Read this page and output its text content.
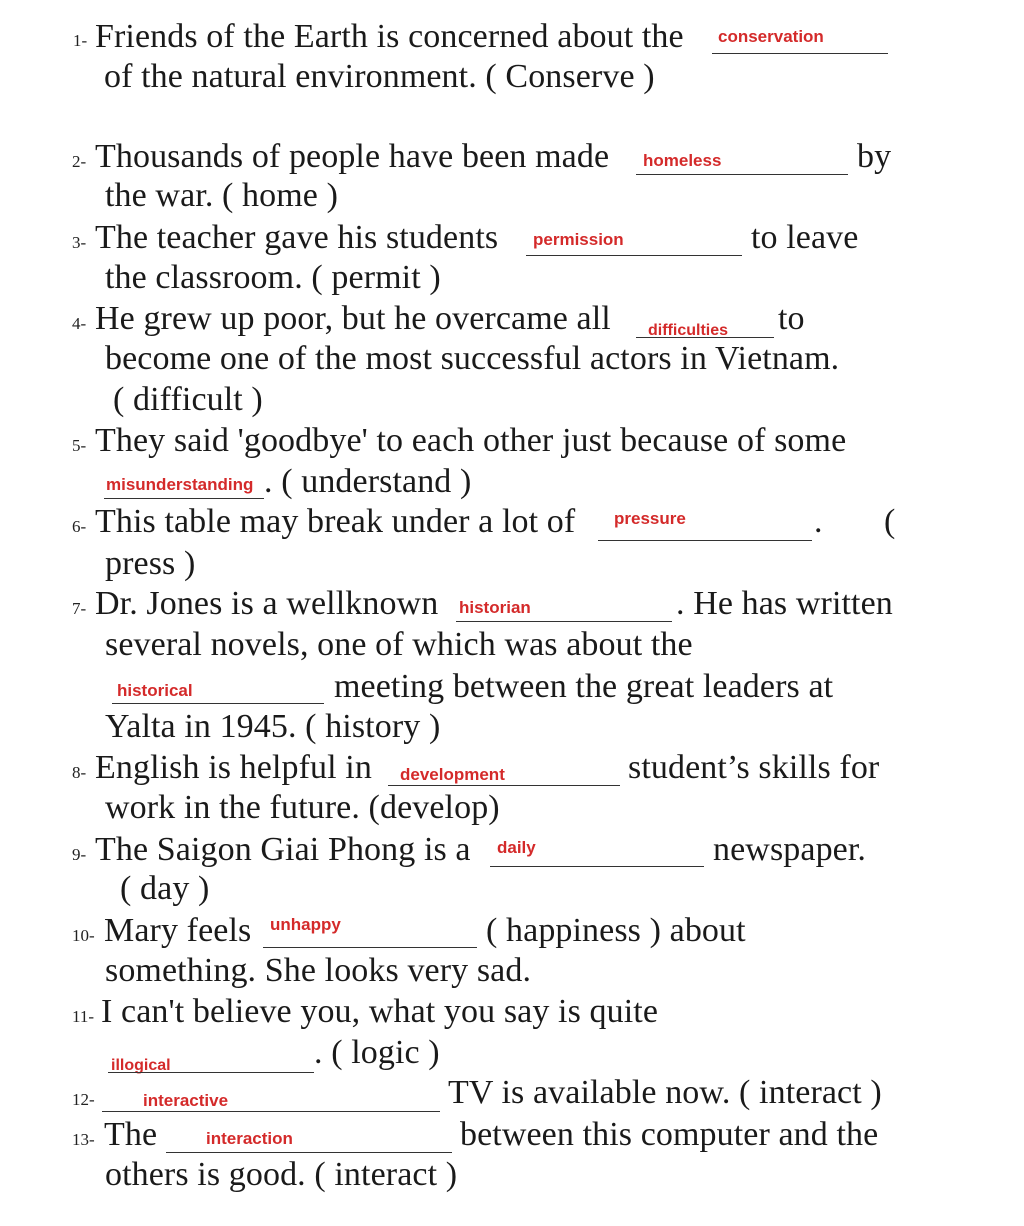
1- Friends of the Earth is concerned about the conservation
of the natural environment. ( Conserve )
2- Thousands of people have been made homeless	by
the war. ( home )
3- The teacher gave his students permission	to leave
the classroom. ( permit )
4- He grew up poor, but he overcame all difficulties to
become one of the most successful actors in Vietnam.
( difficult )
5- They said 'goodbye' to each other just because of some
misunderstanding . ( understand )
6- This table may break under a lot of pressure	. (
press )
7- Dr. Jones is a wellknown historian	. He has written
several novels, one of which was about the
historical	meeting between the great leaders at
Yalta in 1945. ( history )
8- English is helpful in development	student’s skills for
work in the future. (develop)
9- The Saigon Giai Phong is a daily	newspaper.
( day )
10- Mary feels unhappy	( happiness ) about
something. She looks very sad.
11- I can't believe you, what you say is quite
illogical	. ( logic )
12-	interactive	TV is available now. ( interact )
13- The	interaction	between this computer and the
others is good. ( interact )
